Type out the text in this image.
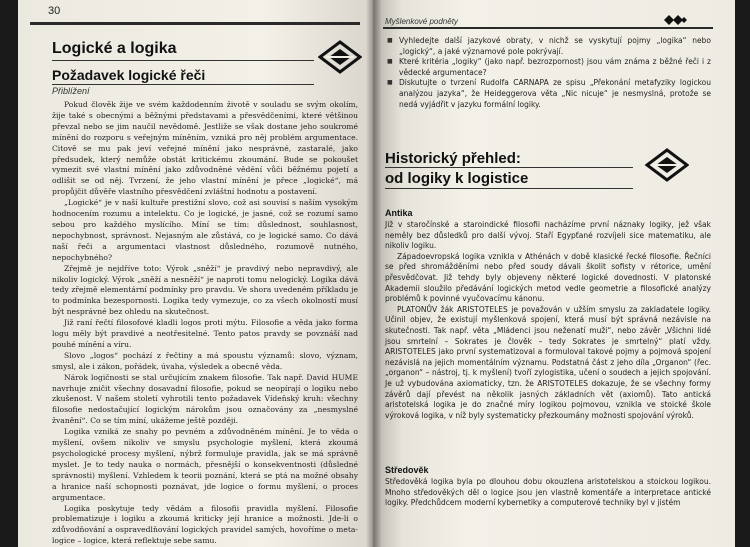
30
Logické a logika
Požadavek logické řeči
Přiblížení

Pokud člověk žije ve svém každodenním životě v souladu se svým okolím, žije také s obecnými a běžnými představami a přesvědčeními, které většinou převzal nebo se jim naučil nevědomě. Jestliže se však dostane jeho soukromé mínění do rozporu s veřejným míněním, vzniká pro něj problém argumentace. Citově se mu pak jeví veřejné mínění jako nesprávné, zastaralé, jako předsudek, který nemůže obstát kritickému zkoumání. Bude se pokoušet vymezit své vlastní mínění jako zdůvodněné vědění vůči běžnému pojetí a odlišit se od něj. Tvrzení, že jeho vlastní mínění je přece „logické“, má propůjčit důvěře vlastního přesvědčení zvláštní hodnotu a postavení.

„Logické“ je v naší kultuře prestižní slovo, což asi souvisí s naším vysokým hodnocením rozumu a intelektu. Co je logické, je jasné, což se rozumí samo sebou pro každého myslícího. Míní se tím: důslednost, souhlasnost, nepochybnost, správnost. Nejasným ale zůstává, co je logické samo. Co dává naší řeči a argumentaci vlastnost důsledného, rozumově nutného, nepochybného?

Zřejmě je nejdříve toto: Výrok „sněží“ je pravdivý nebo nepravdivý, ale nikoliv logický. Výrok „sněží a nesněží“ je naproti tomu nelogický. Logika dává tedy zřejmě elementární podmínky pro pravdu. Ve shora uvedeném příkladu je to podmínka bezespornosti. Logika tedy vymezuje, co za všech okolností musí být nesprávné bez ohledu na skutečnost.

Již raní řečtí filosofové kladli logos proti mýtu. Filosofie a věda jako forma logu měly být pravdivé a neotřesitelné. Tento patos pravdy se povznáší nad pouhé mínění a víru.

Slovo „logos“ pochází z řečtiny a má spoustu významů: slovo, význam, smysl, ale i zákon, pořádek, úvaha, výsledek a obecně věda.

Nárok logičnosti se stal určujícím znakem filosofie. Tak např. David HUME navrhuje zničit všechny dosavadní filosofie, pokud se neopírají o logiku nebo zkušenost. V našem století vyhrotili tento požadavek Vídeňský kruh: všechny filosofie nedostačující logickým nárokům jsou označovány za „nesmyslné žvanění“. Co se tím míní, ukážeme ještě později.

Logika vzniká ze snahy po pevném a zdůvodněném mínění. Je to věda o myšlení, ovšem nikoliv ve smyslu psychologie myšlení, která zkoumá psychologické procesy myšlení, nýbrž formuluje pravidla, jak se má správně myslet. Je to tedy nauka o normách, přesnější o konsekventnosti (důsledné správnosti) myšlení. Vzhledem k teorii poznání, která se ptá na možné obsahy a hranice naší schopnosti poznávat, jde logice o formu myšlení, o proces argumentace.

Logika poskytuje tedy vědám a filosofii pravidla myšlení. Filosofie problematizuje i logiku a zkoumá kriticky její hranice a možnosti. Jde-li o zdůvodňování a ospravedlňování logických pravidel samých, hovoříme o meta-logice – logice, která reflektuje sebe samu.

Myšlenkové podněty
■ Vyhledejte další jazykové obraty, v nichž se vyskytují pojmy „logika“ nebo „logický“, a jaké významové pole pokrývají.
■ Které kritéria „logiky“ (jako např. bezrozpornost) jsou vám známa z běžné řeči i z vědecké argumentace?
■ Diskutujte o tvrzení Rudolfa CARNAPA ze spisu „Překonání metafyziky logickou analýzou jazyka“, že Heideggerova věta „Nic nicuje“ je nesmyslná, protože se nedá vyjádřit v jazyku formální logiky.
Historický přehled:
od logiky k logistice
Antika

Již v staročínské a staroindické filosofii nacházíme první náznaky logiky, jež však neměly bez důsledků pro další vývoj. Staří Egypťané rozvíjeli sice matematiku, ale nikoliv logiku.

Západoevropská logika vznikla v Athénách v době klasické řecké filosofie. Řečníci se před shromážděními nebo před soudy dávali školit sofisty v rétorice, umění přesvědčovat. Již tehdy byly objeveny některé logické dovednosti. V platonské Akademii sloužilo předávání logických metod vedle geometrie a filosofické analýzy problémů k povinné vyučovacímu kánonu.

PLATONŮV žák ARISTOTELES je považován v užším smyslu za zakladatele logiky. Učinil objev, že existují myšlenková spojení, která musí být správná nezávisle na skutečnosti. Tak např. věta „Mládenci jsou neženatí muži“, nebo závěr „Všichni lidé jsou smrtelní – Sokrates je člověk – tedy Sokrates je smrtelný“ platí vždy. ARISTOTELES jako první systematizoval a formuloval takové pojmy a pojmová spojení nezávislá na jejich momentálním významu. Podstatná část z jeho díla „Organon“ (řec. „organon“ – nástroj, tj. k myšlení) tvoří zylogistika, učení o soudech a jejich spojování. Je už vybudována axiomaticky, tzn. že ARISTOTELES dokazuje, že se všechny formy závěrů dají převést na několik jasných základních vět (axiomů). Tato antická aristotelská logika je do značné míry logikou pojmovou, vznikla ve stoické škole výroková logika, v níž byly systematicky přezkoumány možnosti spojování výroků.

Středověk

Středověká logika byla po dlouhou dobu okouzlena aristotelskou a stoickou logikou. Mnoho středověkých děl o logice jsou jen vlastně komentáře a interpretace antické logiky. Předchůdcem moderní kybernetiky a computerové techniky byl v jistém
